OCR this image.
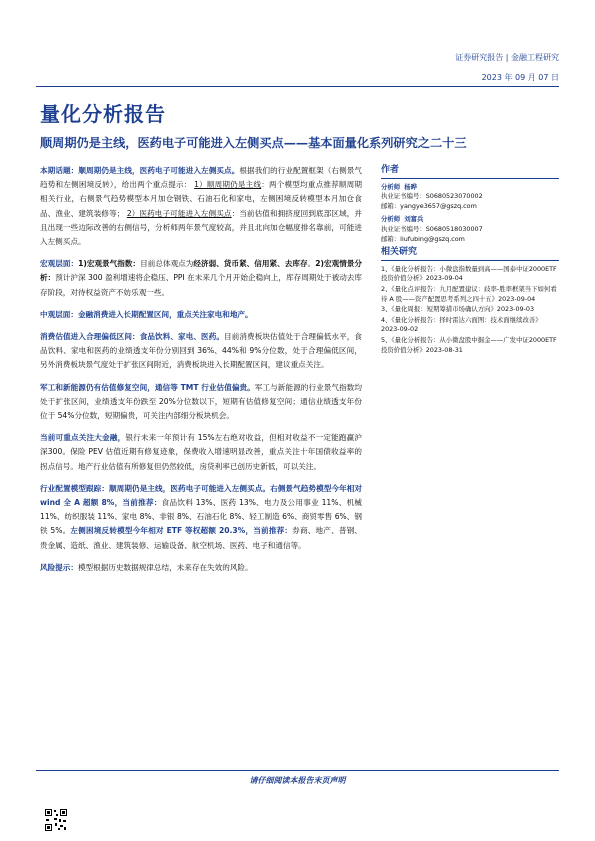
证券研究报告 | 金融工程研究
2023 年 09 月 07 日
量化分析报告
顺周期仍是主线，医药电子可能进入左侧买点——基本面量化系列研究之二十三

本期话题：顺周期仍是主线，医药电子可能进入左侧买点。根据我们的行业配置框架（右侧景气趋势和左侧困境反转），给出两个重点提示： 1）顺周期仍是主线：两个模型均重点推荐顺周期相关行业，右侧景气趋势模型本月加仓钢铁、石油石化和家电，左侧困境反转模型本月加仓食品、渔业、建筑装修等； 2）医药电子可能进入左侧买点：当前估值和拥挤度回到底部区域，并且出现一些边际改善的右侧信号，分析师两年景气度较高，并且北向加仓幅度排名靠前，可能进入左侧买点。

宏观层面：1)宏观景气指数：目前总体观点为经济弱、货币紧、信用紧、去库存。2)宏观情景分析：预计沪深 300 盈利增速将企稳压、PPI 在未来几个月开始企稳向上，库存周期处于被动去库存阶段，对待权益资产不妨乐观一些。

中观层面：金融消费进入长期配置区间，重点关注家电和地产。

消费估值进入合理偏低区间：食品饮料、家电、医药。目前消费板块估值处于合理偏低水平，食品饮料、家电和医药的业绩透支年份分别回到 36%、44%和 9%分位数，处于合理偏低区间，另外消费板块景气度处于扩张区间附近，消费板块进入长期配置区间，建议重点关注。

军工和新能源仍有估值修复空间，通信等 TMT 行业估值偏贵。军工与新能源的行业景气指数均处于扩张区间，业绩透支年份跌至 20%分位数以下，短期有估值修复空间；通信业绩透支年份位于 54%分位数，短期偏贵，可关注内部细分板块机会。

当前可重点关注大金融，银行未来一年预计有 15%左右绝对收益，但相对收益不一定能跑赢沪深300。保险 PEV 估值近期有修复迹象，保费收入增速明显改善，重点关注十年国债收益率的拐点信号。地产行业估值有所修复但仍然较低，房贷利率已创历史新低，可以关注。

行业配置模型跟踪：顺周期仍是主线，医药电子可能进入左侧买点。右侧景气趋势模型今年相对 wind 全 A 超额 8%，当前推荐：食品饮料 13%、医药 13%、电力及公用事业 11%、机械 11%、纺织服装 11%、家电 8%、非银 8%、石油石化 8%、轻工制造 6%、商贸零售 6%、钢铁 5%。左侧困境反转模型今年相对 ETF 等权超额 20.3%，当前推荐：券商、地产、普钢、贵金属、造纸、渔业、建筑装修、运输设备、航空机场、医药、电子和通信等。

风险提示：模型根据历史数据规律总结，未来存在失效的风险。

作者
分析师 杨晔
执业证书编号：S0680523070002
邮箱：yangye3657@gszq.com
分析师 刘富兵
执业证书编号：S0680518030007
邮箱：liufubing@gszq.com
相关研究
1、《量化分析报告：小微盘指数量到高——国泰中证2000ETF 投资价值分析》2023-09-04
2、《量化点评报告：九月配置建议：歧率-胜率框架当下如何看待 A 股——资产配置思考系列之四十五》2023-09-04
3、《量化周报：短期筹措市场确认方向》2023-09-03
4、《量化分析报告：择时雷达六面图：技术面继续改善》2023-09-02
5、《量化分析报告：从小微盘股中掘金——广发中证2000ETF 投资价值分析》2023-08-31
请仔细阅读本报告末页声明
